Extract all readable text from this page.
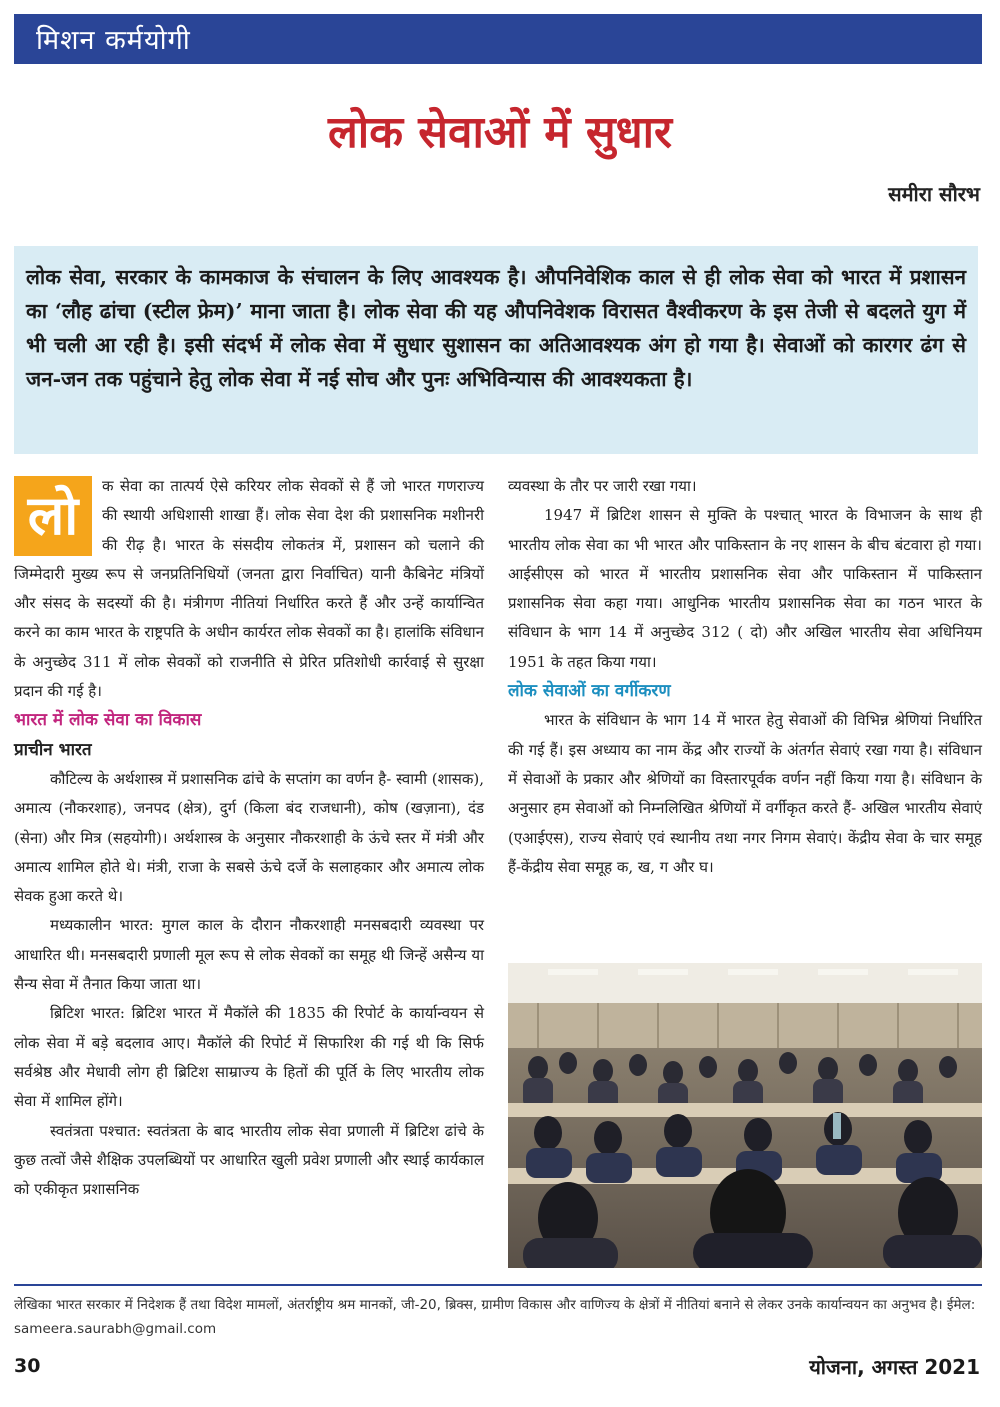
मिशन कर्मयोगी
लोक सेवाओं में सुधार
समीरा सौरभ
लोक सेवा, सरकार के कामकाज के संचालन के लिए आवश्यक है। औपनिवेशिक काल से ही लोक सेवा को भारत में प्रशासन का ‘लौह ढांचा (स्टील फ्रेम)’ माना जाता है। लोक सेवा की यह औपनिवेशक विरासत वैश्वीकरण के इस तेजी से बदलते युग में भी चली आ रही है। इसी संदर्भ में लोक सेवा में सुधार सुशासन का अतिआवश्यक अंग हो गया है। सेवाओं को कारगर ढंग से जन-जन तक पहुंचाने हेतु लोक सेवा में नई सोच और पुनः अभिविन्यास की आवश्यकता है।
लो	क सेवा का तात्पर्य ऐसे करियर लोक सेवकों से हैं जो भारत गणराज्य की स्थायी अधिशासी शाखा हैं। लोक सेवा देश की प्रशासनिक मशीनरी की रीढ़ है। भारत के संसदीय लोकतंत्र में, प्रशासन को चलाने की जिम्मेदारी मुख्य रूप से जनप्रतिनिधियों (जनता द्वारा निर्वाचित) यानी कैबिनेट मंत्रियों और संसद के सदस्यों की है। मंत्रीगण नीतियां निर्धारित करते हैं और उन्हें कार्यान्वित करने का काम भारत के राष्ट्रपति के अधीन कार्यरत लोक सेवकों का है। हालांकि संविधान के अनुच्छेद 311 में लोक सेवकों को राजनीति से प्रेरित प्रतिशोधी कार्रवाई से सुरक्षा प्रदान की गई है।

भारत में लोक सेवा का विकास

प्राचीन भारत

कौटिल्य के अर्थशास्त्र में प्रशासनिक ढांचे के सप्तांग का वर्णन है- स्वामी (शासक), अमात्य (नौकरशाह), जनपद (क्षेत्र), दुर्ग (किला बंद राजधानी), कोष (खज़ाना), दंड (सेना) और मित्र (सहयोगी)। अर्थशास्त्र के अनुसार नौकरशाही के ऊंचे स्तर में मंत्री और अमात्य शामिल होते थे। मंत्री, राजा के सबसे ऊंचे दर्जे के सलाहकार और अमात्य लोक सेवक हुआ करते थे।

मध्यकालीन भारत: मुगल काल के दौरान नौकरशाही मनसबदारी व्यवस्था पर आधारित थी। मनसबदारी प्रणाली मूल रूप से लोक सेवकों का समूह थी जिन्हें असैन्य या सैन्य सेवा में तैनात किया जाता था।

ब्रिटिश भारत: ब्रिटिश भारत में मैकॉले की 1835 की रिपोर्ट के कार्यान्वयन से लोक सेवा में बड़े बदलाव आए। मैकॉले की रिपोर्ट में सिफारिश की गई थी कि सिर्फ सर्वश्रेष्ठ और मेधावी लोग ही ब्रिटिश साम्राज्य के हितों की पूर्ति के लिए भारतीय लोक सेवा में शामिल होंगे।

स्वतंत्रता पश्चात: स्वतंत्रता के बाद भारतीय लोक सेवा प्रणाली में ब्रिटिश ढांचे के कुछ तत्वों जैसे शैक्षिक उपलब्धियों पर आधारित खुली प्रवेश प्रणाली और स्थाई कार्यकाल को एकीकृत प्रशासनिक

व्यवस्था के तौर पर जारी रखा गया।

1947 में ब्रिटिश शासन से मुक्ति के पश्चात् भारत के विभाजन के साथ ही भारतीय लोक सेवा का भी भारत और पाकिस्तान के नए शासन के बीच बंटवारा हो गया। आईसीएस को भारत में भारतीय प्रशासनिक सेवा और पाकिस्तान में पाकिस्तान प्रशासनिक सेवा कहा गया। आधुनिक भारतीय प्रशासनिक सेवा का गठन भारत के संविधान के भाग 14 में अनुच्छेद 312 ( दो) और अखिल भारतीय सेवा अधिनियम 1951 के तहत किया गया।

लोक सेवाओं का वर्गीकरण

भारत के संविधान के भाग 14 में भारत हेतु सेवाओं की विभिन्न श्रेणियां निर्धारित की गई हैं। इस अध्याय का नाम केंद्र और राज्यों के अंतर्गत सेवाएं रखा गया है। संविधान में सेवाओं के प्रकार और श्रेणियों का विस्तारपूर्वक वर्णन नहीं किया गया है। संविधान के अनुसार हम सेवाओं को निम्नलिखित श्रेणियों में वर्गीकृत करते हैं- अखिल भारतीय सेवाएं (एआईएस), राज्य सेवाएं एवं स्थानीय तथा नगर निगम सेवाएं। केंद्रीय सेवा के चार समूह हैं-केंद्रीय सेवा समूह क, ख, ग और घ।

लेखिका भारत सरकार में निदेशक हैं तथा विदेश मामलों, अंतर्राष्ट्रीय श्रम मानकों, जी-20, ब्रिक्स, ग्रामीण विकास और वाणिज्य के क्षेत्रों में नीतियां बनाने से लेकर उनके कार्यान्वयन का अनुभव है। ईमेल: sameera.saurabh@gmail.com
30	योजना, अगस्त 2021
